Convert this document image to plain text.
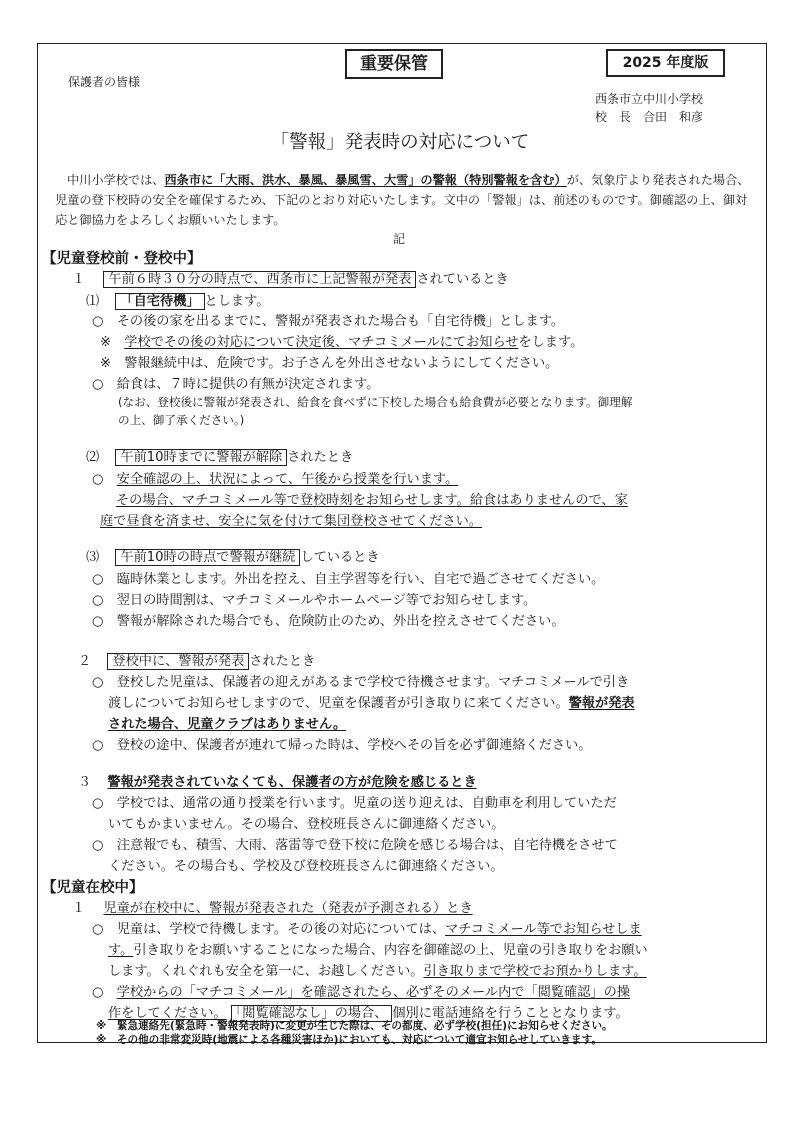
重要保管	2025 年度版
保護者の皆様
西条市立中川小学校
校　長　合田　和彦
「警報」発表時の対応について
中川小学校では、西条市に「大雨、洪水、暴風、暴風雪、大雪」の警報（特別警報を含む）が、気象庁より発表された場合、児童の登下校時の安全を確保するため、下記のとおり対応いたします。文中の「警報」は、前述のものです。御確認の上、御対応と御協力をよろしくお願いいたします。
記
【児童登校前・登校中】
１ 午前６時３０分の時点で、西条市に上記警報が発表 されているとき
⑴ 「自宅待機」 とします。
○　その後の家を出るまでに、警報が発表された場合も「自宅待機」とします。
※　学校でその後の対応について決定後、マチコミメールにてお知らせをします。
※　警報継続中は、危険です。お子さんを外出させないようにしてください。
○　給食は、７時に提供の有無が決定されます。
(なお、登校後に警報が発表され、給食を食べずに下校した場合も給食費が必要となります。御理解
の上、御了承ください。)
⑵ 午前10時までに警報が解除 されたとき
○　安全確認の上、状況によって、午後から授業を行います。
その場合、マチコミメール等で登校時刻をお知らせします。給食はありませんので、家
庭で昼食を済ませ、安全に気を付けて集団登校させてください。
⑶ 午前10時の時点で警報が継続 しているとき
○　臨時休業とします。外出を控え、自主学習等を行い、自宅で過ごさせてください。
○　翌日の時間割は、マチコミメールやホームページ等でお知らせします。
○　警報が解除された場合でも、危険防止のため、外出を控えさせてください。
２ 登校中に、警報が発表 されたとき
○　登校した児童は、保護者の迎えがあるまで学校で待機させます。マチコミメールで引き
渡しについてお知らせしますので、児童を保護者が引き取りに来てください。警報が発表
された場合、児童クラブはありません。
○　登校の途中、保護者が連れて帰った時は、学校へその旨を必ず御連絡ください。
３ 警報が発表されていなくても、保護者の方が危険を感じるとき
○　学校では、通常の通り授業を行います。児童の送り迎えは、自動車を利用していただ
いてもかまいません。その場合、登校班長さんに御連絡ください。
○　注意報でも、積雪、大雨、落雷等で登下校に危険を感じる場合は、自宅待機をさせて
ください。その場合も、学校及び登校班長さんに御連絡ください。
【児童在校中】
１ 児童が在校中に、警報が発表された（発表が予測される）とき
○　児童は、学校で待機します。その後の対応については、マチコミメール等でお知らせしま
す。引き取りをお願いすることになった場合、内容を御確認の上、児童の引き取りをお願い
します。くれぐれも安全を第一に、お越しください。引き取りまで学校でお預かりします。
○　学校からの「マチコミメール」を確認されたら、必ずそのメール内で「閲覧確認」の操
作をしてください。 「閲覧確認なし」の場合、 個別に電話連絡を行うこととなります。
※　緊急連絡先(緊急時・警報発表時)に変更が生じた際は、その都度、必ず学校(担任)にお知らせください。
※　その他の非常変災時(地震による各種災害ほか)においても、対応について適宜お知らせしていきます。
